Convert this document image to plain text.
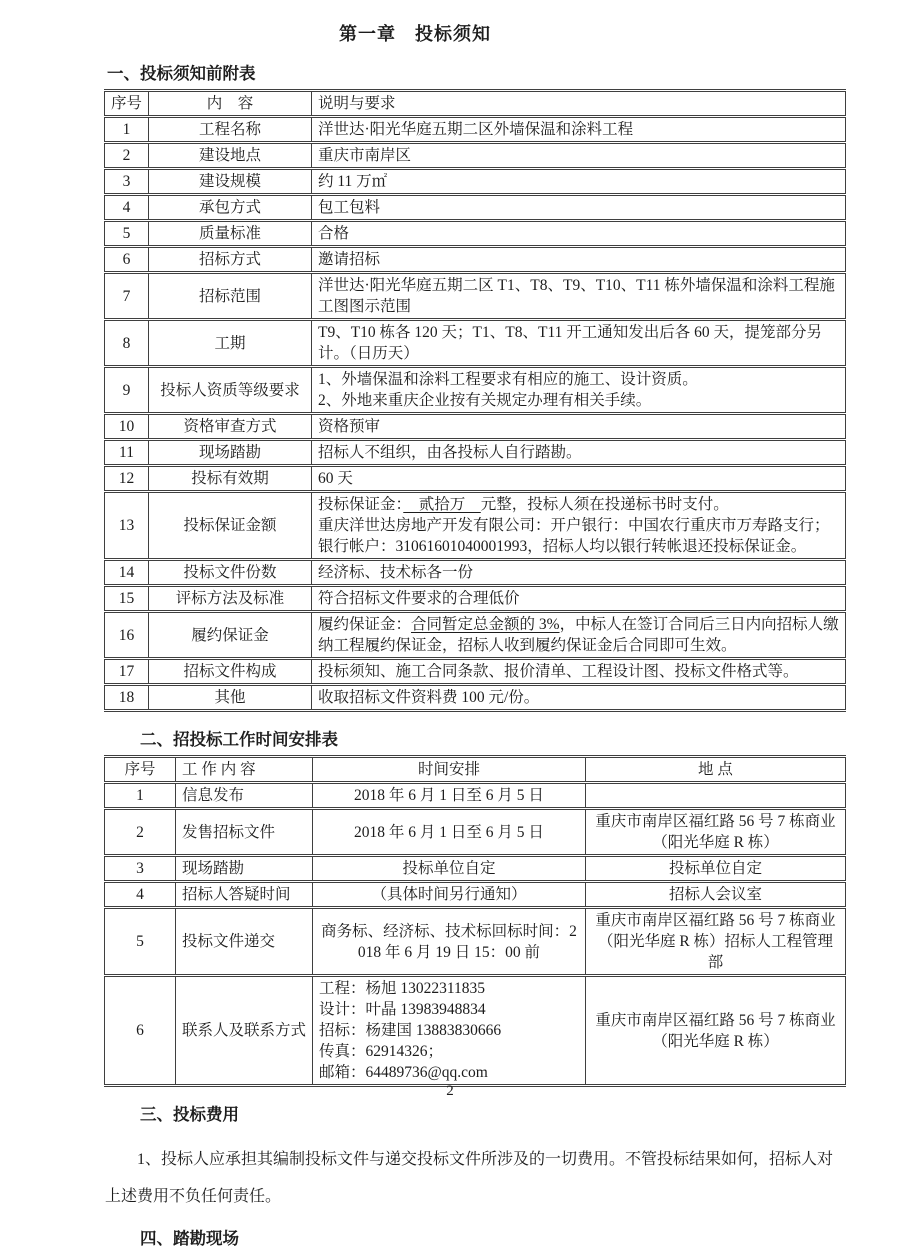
第一章　投标须知
一、投标须知前附表
序号	内　容	说明与要求
1	工程名称	洋世达·阳光华庭五期二区外墙保温和涂料工程
2	建设地点	重庆市南岸区
3	建设规模	约 11 万㎡
4	承包方式	包工包料
5	质量标准	合格
6	招标方式	邀请招标
7	招标范围	洋世达·阳光华庭五期二区 T1、T8、T9、T10、T11 栋外墙保温和涂料工程施工图图示范围
8	工期	T9、T10 栋各 120 天；T1、T8、T11 开工通知发出后各 60 天，提笼部分另计。（日历天）
9	投标人资质等级要求	1、外墙保温和涂料工程要求有相应的施工、设计资质。
2、外地来重庆企业按有关规定办理有相关手续。

10	资格审查方式	资格预审
11	现场踏勘	招标人不组织，由各投标人自行踏勘。
12	投标有效期	60 天
13	投标保证金额	投标保证金：　贰拾万　元整，投标人须在投递标书时支付。
重庆洋世达房地产开发有限公司：开户银行：中国农行重庆市万寿路支行；
银行帐户：31061601040001993，招标人均以银行转帐退还投标保证金。

14	投标文件份数	经济标、技术标各一份
15	评标方法及标准	符合招标文件要求的合理低价
16	履约保证金	履约保证金：合同暂定总金额的 3%，中标人在签订合同后三日内向招标人缴纳工程履约保证金，招标人收到履约保证金后合同即可生效。
17	招标文件构成	投标须知、施工合同条款、报价清单、工程设计图、投标文件格式等。
18	其他	收取招标文件资料费 100 元/份。
二、招投标工作时间安排表
序号	工 作 内 容	时间安排	地 点
1	信息发布	2018 年 6 月 1 日至 6 月 5 日	
2	发售招标文件	2018 年 6 月 1 日至 6 月 5 日	重庆市南岸区福红路 56 号 7 栋商业（阳光华庭 R 栋）
3	现场踏勘	投标单位自定	投标单位自定
4	招标人答疑时间	（具体时间另行通知）	招标人会议室
5	投标文件递交	商务标、经济标、技术标回标时间：2018 年 6 月 19 日 15：00 前	重庆市南岸区福红路 56 号 7 栋商业（阳光华庭 R 栋）招标人工程管理部
6	联系人及联系方式	工程：杨旭 13022311835
设计：叶晶 13983948834
招标：杨建国 13883830666
传真：62914326；
邮箱：64489736@qq.com	重庆市南岸区福红路 56 号 7 栋商业（阳光华庭 R 栋）
三、投标费用
1、投标人应承担其编制投标文件与递交投标文件所涉及的一切费用。不管投标结果如何，招标人对上述费用不负任何责任。
四、踏勘现场
2
